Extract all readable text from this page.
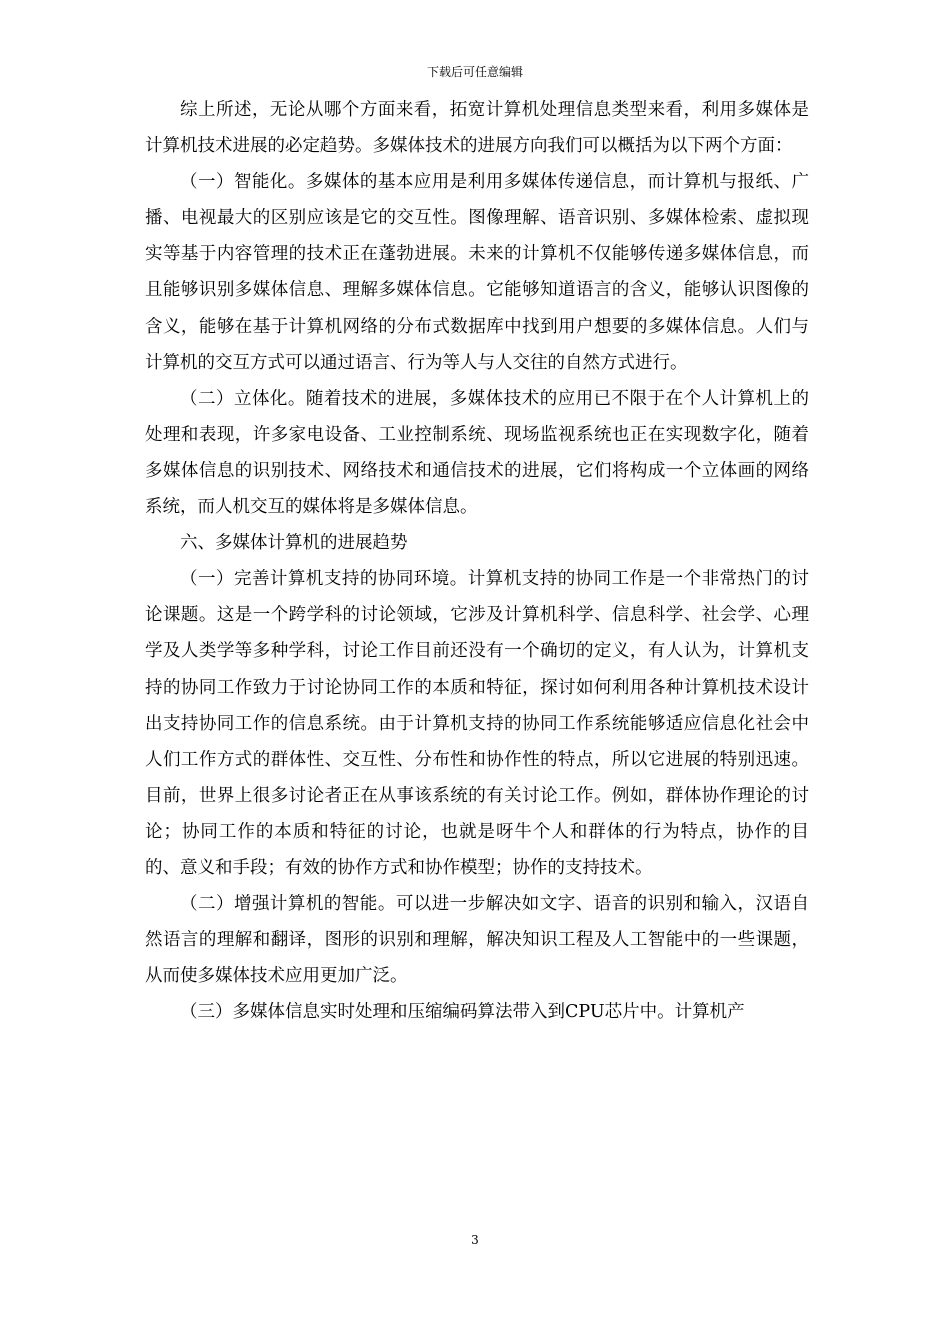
下载后可任意编辑

综上所述，无论从哪个方面来看，拓宽计算机处理信息类型来看，利用多媒体是计算机技术进展的必定趋势。多媒体技术的进展方向我们可以概括为以下两个方面：

（一）智能化。多媒体的基本应用是利用多媒体传递信息，而计算机与报纸、广播、电视最大的区别应该是它的交互性。图像理解、语音识别、多媒体检索、虚拟现实等基于内容管理的技术正在蓬勃进展。未来的计算机不仅能够传递多媒体信息，而且能够识别多媒体信息、理解多媒体信息。它能够知道语言的含义，能够认识图像的含义，能够在基于计算机网络的分布式数据库中找到用户想要的多媒体信息。人们与计算机的交互方式可以通过语言、行为等人与人交往的自然方式进行。

（二）立体化。随着技术的进展，多媒体技术的应用已不限于在个人计算机上的处理和表现，许多家电设备、工业控制系统、现场监视系统也正在实现数字化，随着多媒体信息的识别技术、网络技术和通信技术的进展，它们将构成一个立体画的网络系统，而人机交互的媒体将是多媒体信息。

六、多媒体计算机的进展趋势

（一）完善计算机支持的协同环境。计算机支持的协同工作是一个非常热门的讨论课题。这是一个跨学科的讨论领域，它涉及计算机科学、信息科学、社会学、心理学及人类学等多种学科，讨论工作目前还没有一个确切的定义，有人认为，计算机支持的协同工作致力于讨论协同工作的本质和特征，探讨如何利用各种计算机技术设计出支持协同工作的信息系统。由于计算机支持的协同工作系统能够适应信息化社会中人们工作方式的群体性、交互性、分布性和协作性的特点，所以它进展的特别迅速。目前，世界上很多讨论者正在从事该系统的有关讨论工作。例如，群体协作理论的讨论；协同工作的本质和特征的讨论，也就是呀牛个人和群体的行为特点，协作的目的、意义和手段；有效的协作方式和协作模型；协作的支持技术。

（二）增强计算机的智能。可以进一步解决如文字、语音的识别和输入，汉语自然语言的理解和翻译，图形的识别和理解，解决知识工程及人工智能中的一些课题，从而使多媒体技术应用更加广泛。

（三）多媒体信息实时处理和压缩编码算法带入到CPU芯片中。计算机产

3
